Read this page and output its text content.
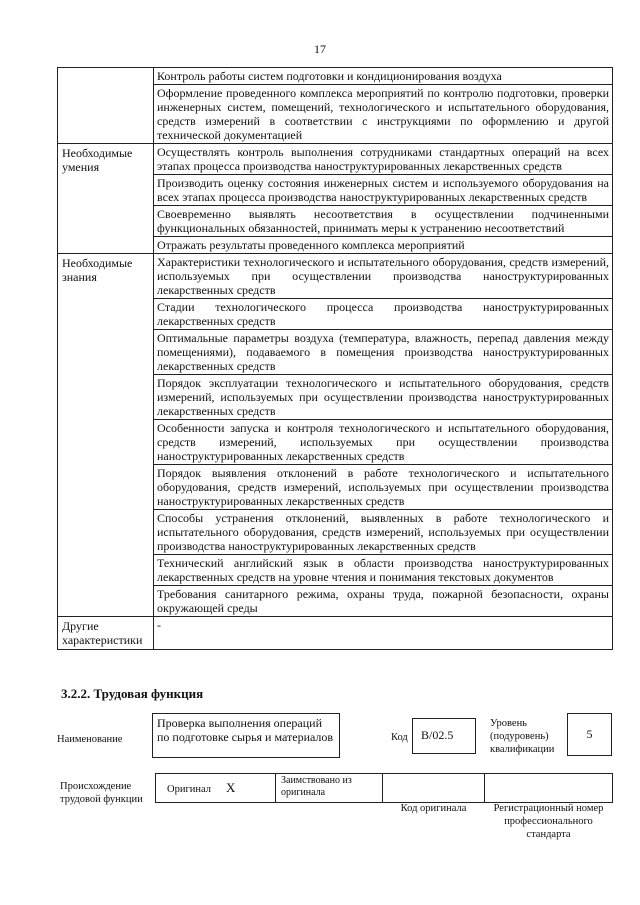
17
	Контроль работы систем подготовки и кондиционирования воздуха
	Оформление проведенного комплекса мероприятий по контролю подготовки, проверки инженерных систем, помещений, технологического и испытательного оборудования, средств измерений в соответствии с инструкциями по оформлению и другой технической документацией
Необходимые умения	Осуществлять контроль выполнения сотрудниками стандартных операций на всех этапах процесса производства наноструктурированных лекарственных средств
	Производить оценку состояния инженерных систем и используемого оборудования на всех этапах процесса производства наноструктурированных лекарственных средств
	Своевременно выявлять несоответствия в осуществлении подчиненными функциональных обязанностей, принимать меры к устранению несоответствий
	Отражать результаты проведенного комплекса мероприятий
Необходимые знания	Характеристики технологического и испытательного оборудования, средств измерений, используемых при осуществлении производства наноструктурированных лекарственных средств
	Стадии технологического процесса производства наноструктурированных лекарственных средств
	Оптимальные параметры воздуха (температура, влажность, перепад давления между помещениями), подаваемого в помещения производства наноструктурированных лекарственных средств
	Порядок эксплуатации технологического и испытательного оборудования, средств измерений, используемых при осуществлении производства наноструктурированных лекарственных средств
	Особенности запуска и контроля технологического и испытательного оборудования, средств измерений, используемых при осуществлении производства наноструктурированных лекарственных средств
	Порядок выявления отклонений в работе технологического и испытательного оборудования, средств измерений, используемых при осуществлении производства наноструктурированных лекарственных средств
	Способы устранения отклонений, выявленных в работе технологического и испытательного оборудования, средств измерений, используемых при осуществлении производства наноструктурированных лекарственных средств
	Технический английский язык в области производства наноструктурированных лекарственных средств на уровне чтения и понимания текстовых документов
	Требования санитарного режима, охраны труда, пожарной безопасности, охраны окружающей среды
Другие характеристики	-
3.2.2. Трудовая функция
Наименование
Проверка выполнения операций по подготовке сырья и материалов	Код	B/02.5
Уровень (подуровень) квалификации
5
Происхождение трудовой функции
Оригинал X	Заимствовано из оригинала
Код оригинала	Регистрационный номер профессионального стандарта
